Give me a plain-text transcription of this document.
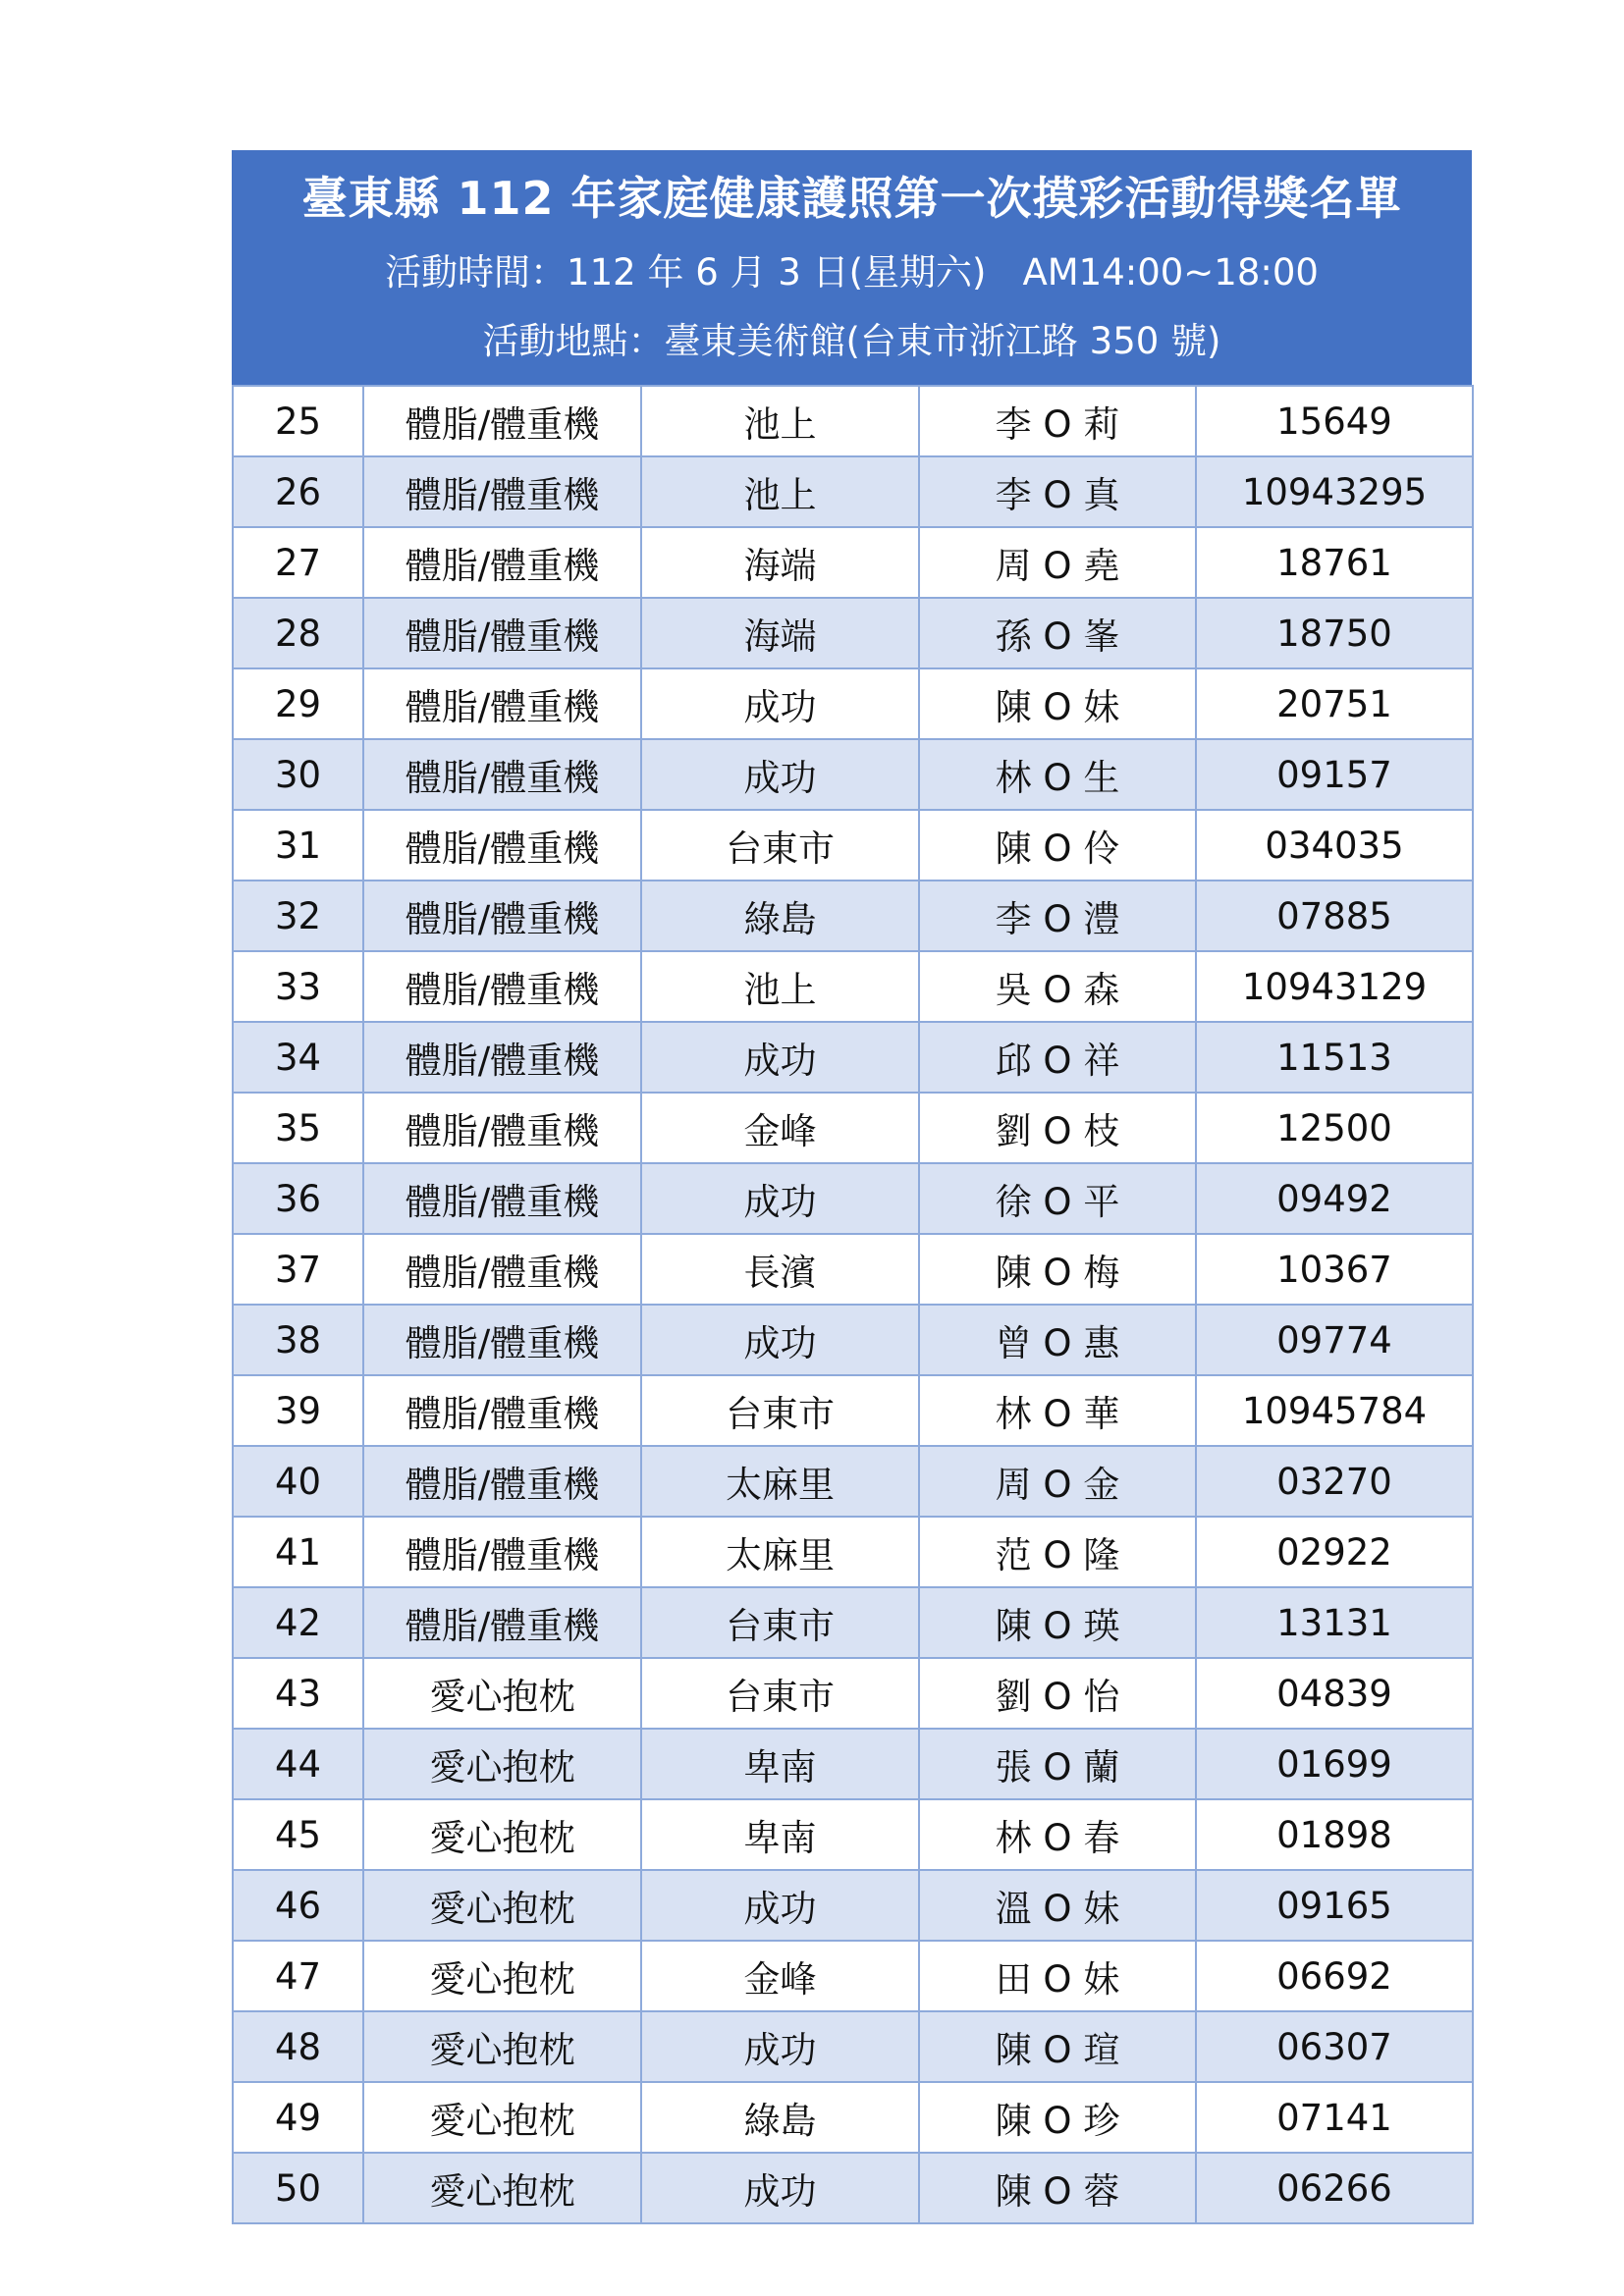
臺東縣 112 年家庭健康護照第一次摸彩活動得獎名單
活動時間：112 年 6 月 3 日(星期六)　AM14:00~18:00
活動地點：臺東美術館(台東市浙江路 350 號)
25	體脂/體重機	池上	李 O 莉	15649
26	體脂/體重機	池上	李 O 真	10943295
27	體脂/體重機	海端	周 O 堯	18761
28	體脂/體重機	海端	孫 O 峯	18750
29	體脂/體重機	成功	陳 O 妹	20751
30	體脂/體重機	成功	林 O 生	09157
31	體脂/體重機	台東市	陳 O 伶	034035
32	體脂/體重機	綠島	李 O 澧	07885
33	體脂/體重機	池上	吳 O 森	10943129
34	體脂/體重機	成功	邱 O 祥	11513
35	體脂/體重機	金峰	劉 O 枝	12500
36	體脂/體重機	成功	徐 O 平	09492
37	體脂/體重機	長濱	陳 O 梅	10367
38	體脂/體重機	成功	曾 O 惠	09774
39	體脂/體重機	台東市	林 O 華	10945784
40	體脂/體重機	太麻里	周 O 金	03270
41	體脂/體重機	太麻里	范 O 隆	02922
42	體脂/體重機	台東市	陳 O 瑛	13131
43	愛心抱枕	台東市	劉 O 怡	04839
44	愛心抱枕	卑南	張 O 蘭	01699
45	愛心抱枕	卑南	林 O 春	01898
46	愛心抱枕	成功	溫 O 妹	09165
47	愛心抱枕	金峰	田 O 妹	06692
48	愛心抱枕	成功	陳 O 瑄	06307
49	愛心抱枕	綠島	陳 O 珍	07141
50	愛心抱枕	成功	陳 O 蓉	06266
